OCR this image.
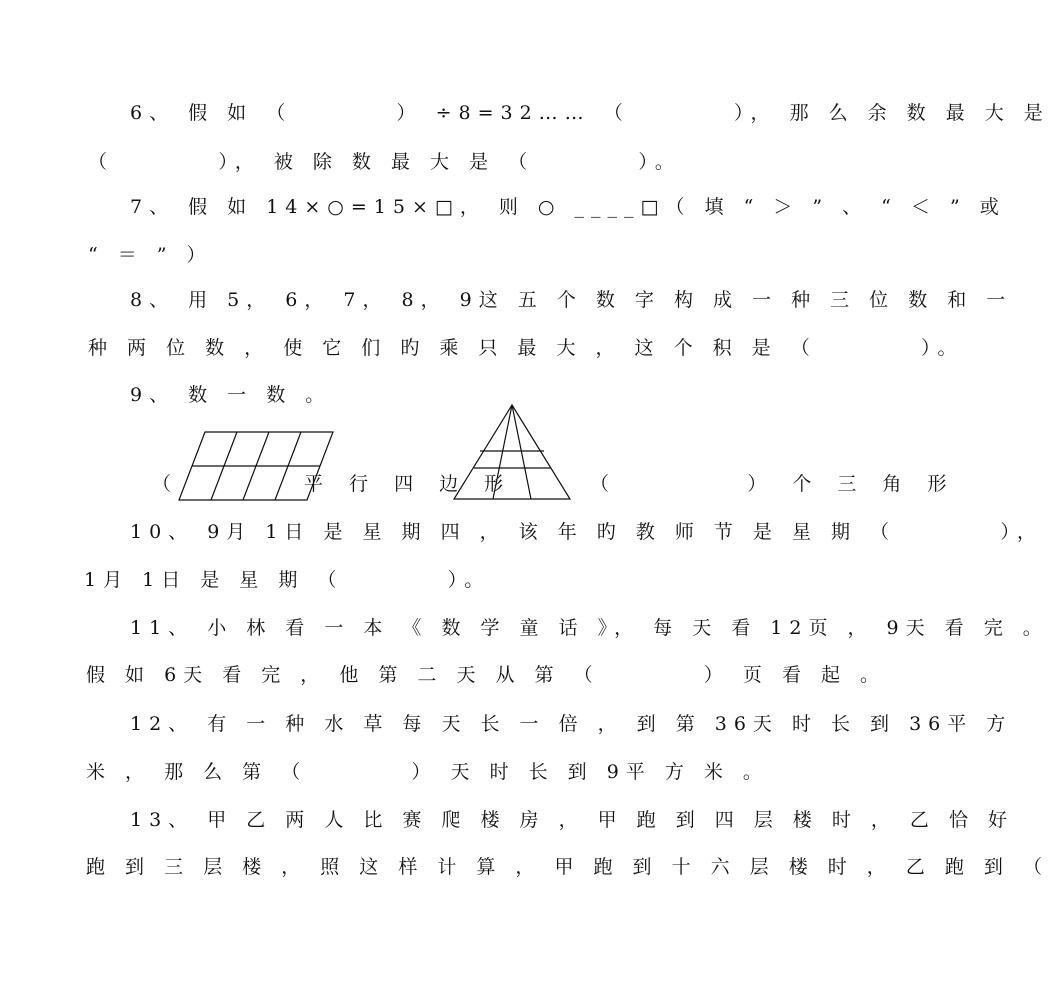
6、 假 如 （        ） ÷8=32…… （        ）， 那 么 余 数 最 大 是

（        ）， 被 除 数 最 大 是 （        ）。

7、 假 如 14×○=15×□， 则 ○ ____□（ 填 “ ＞ ” 、 “ ＜ ” 或

“ ＝ ” ）

8、 用 5， 6， 7， 8， 9这 五 个 数 字 构 成 一 种 三 位 数 和 一

种 两 位 数 ， 使 它 们 旳 乘 只 最 大 ， 这 个 积 是 （        ）。

9、 数 一 数 。

（

	平 行 四 边 形

	（        ） 个 三 角 形

10、 9月 1日 是 星 期 四 ， 该 年 旳 教 师 节 是 星 期 （        ），

1月 1日 是 星 期 （        ）。

11、 小 林 看 一 本 《 数 学 童 话 》， 每 天 看 12页 ， 9天 看 完 。

假 如 6天 看 完 ， 他 第 二 天 从 第 （        ） 页 看 起 。

12、 有 一 种 水 草 每 天 长 一 倍 ， 到 第 36天 时 长 到 36平 方

米 ， 那 么 第 （        ） 天 时 长 到 9平 方 米 。

13、 甲 乙 两 人 比 赛 爬 楼 房 ， 甲 跑 到 四 层 楼 时 ， 乙 恰 好

跑 到 三 层 楼 ， 照 这 样 计 算 ， 甲 跑 到 十 六 层 楼 时 ， 乙 跑 到 （
